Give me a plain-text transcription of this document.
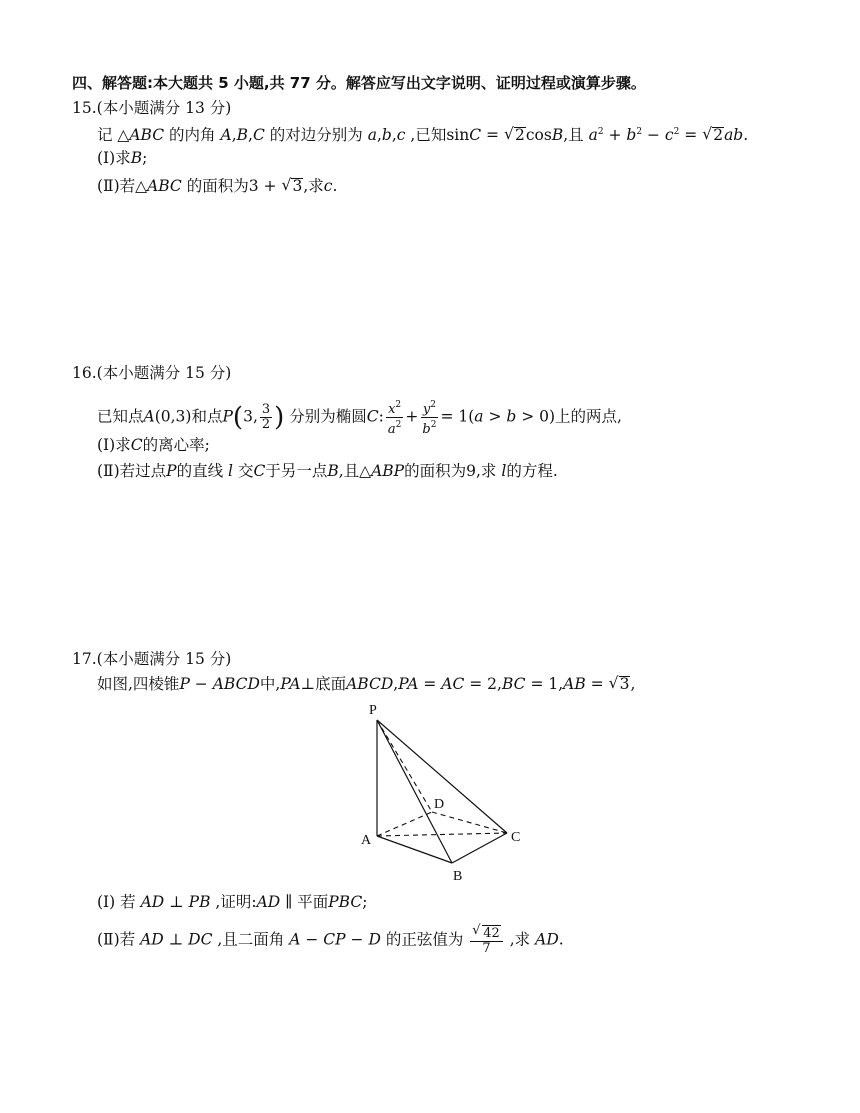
四、解答题:本大题共 5 小题,共 77 分。解答应写出文字说明、证明过程或演算步骤。
15.(本小题满分 13 分)
记 △ABC 的内角 A,B,C 的对边分别为 a,b,c ,已知sinC = √ 2cosB,且 $a^2 + b^2 - c^2$ = √ 2ab.
(Ⅰ)求B;
(Ⅱ)若△ABC 的面积为3 + √ 3,求c.
16.(本小题满分 15 分)
已知点A(0,3)和点P(3, $\frac{3}{2}$ ) 分别为椭圆C: $\frac{x^2}{a^2} + \frac{y^2}{b^2} = 1(a > b > 0)$上的两点,
(Ⅰ)求C的离心率;
(Ⅱ)若过点P的直线 l 交C于另一点B,且△ABP的面积为9,求 l的方程.
17.(本小题满分 15 分)
如图,四棱锥P − ABCD中,PA⊥底面ABCD,PA = AC = 2,BC = 1,AB = √ 3,
P
D
A	C
B
(Ⅰ) 若 AD ⊥ PB ,证明:AD ∥ 平面PBC;
(Ⅱ)若 AD ⊥ DC ,且二面角 A − CP − D 的正弦值为
√ $\frac{42}{7}$ ,求 AD.
